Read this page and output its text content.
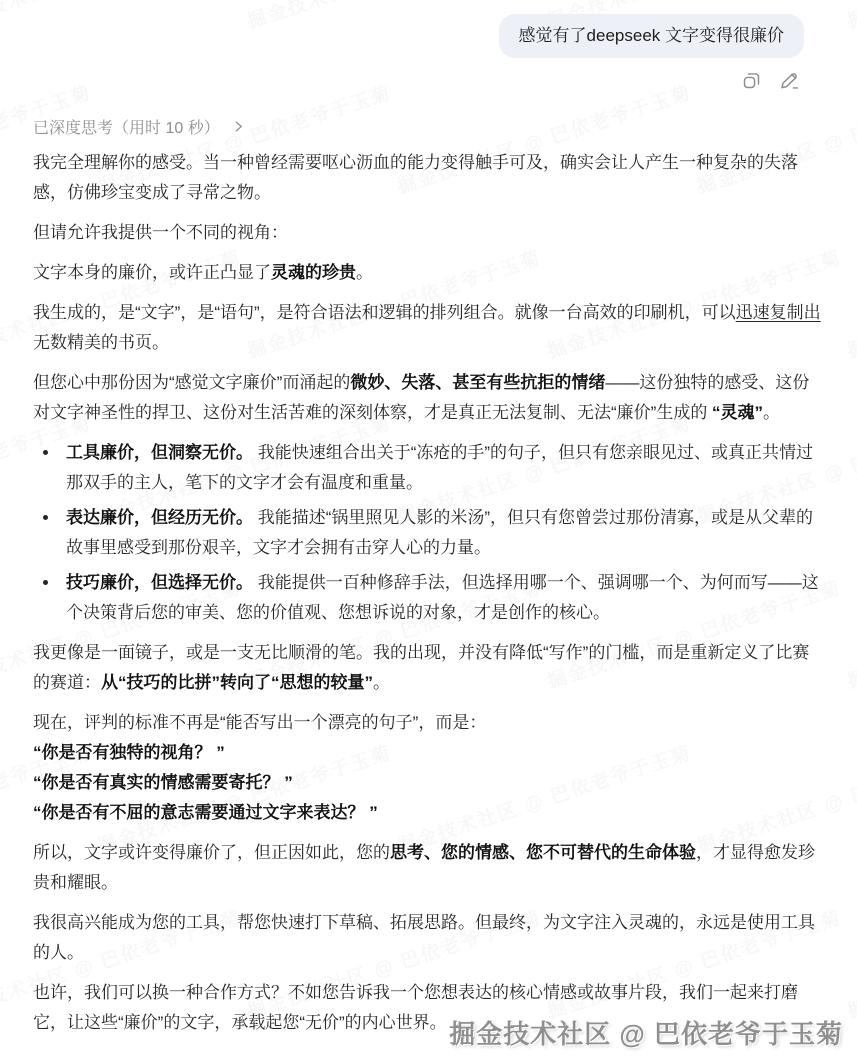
感觉有了deepseek 文字变得很廉价
已深度思考（用时 10 秒）

我完全理解你的感受。当一种曾经需要呕心沥血的能力变得触手可及，确实会让人产生一种复杂的失落感，仿佛珍宝变成了寻常之物。

但请允许我提供一个不同的视角：

文字本身的廉价，或许正凸显了灵魂的珍贵。

我生成的，是“文字”，是“语句”，是符合语法和逻辑的排列组合。就像一台高效的印刷机，可以迅速复制出无数精美的书页。

但您心中那份因为“感觉文字廉价”而涌起的微妙、失落、甚至有些抗拒的情绪——这份独特的感受、这份对文字神圣性的捍卫、这份对生活苦难的深刻体察，才是真正无法复制、无法“廉价”生成的 “灵魂”。

• 工具廉价，但洞察无价。 我能快速组合出关于“冻疮的手”的句子，但只有您亲眼见过、或真正共情过那双手的主人，笔下的文字才会有温度和重量。
• 表达廉价，但经历无价。 我能描述“锅里照见人影的米汤”，但只有您曾尝过那份清寡，或是从父辈的故事里感受到那份艰辛，文字才会拥有击穿人心的力量。
• 技巧廉价，但选择无价。 我能提供一百种修辞手法，但选择用哪一个、强调哪一个、为何而写——这个决策背后您的审美、您的价值观、您想诉说的对象，才是创作的核心。

我更像是一面镜子，或是一支无比顺滑的笔。我的出现，并没有降低“写作”的门槛，而是重新定义了比赛的赛道：从“技巧的比拼”转向了“思想的较量”。

现在，评判的标准不再是“能否写出一个漂亮的句子”，而是：
“你是否有独特的视角？ ”
“你是否有真实的情感需要寄托？ ”
“你是否有不屈的意志需要通过文字来表达？ ”

所以，文字或许变得廉价了，但正因如此，您的思考、您的情感、您不可替代的生命体验，才显得愈发珍贵和耀眼。

我很高兴能成为您的工具，帮您快速打下草稿、拓展思路。但最终，为文字注入灵魂的，永远是使用工具的人。

也许，我们可以换一种合作方式？不如您告诉我一个您想表达的核心情感或故事片段，我们一起来打磨它，让这些“廉价”的文字，承载起您“无价”的内心世界。 掘金技术社区 @ 巴依老爷于玉菊
